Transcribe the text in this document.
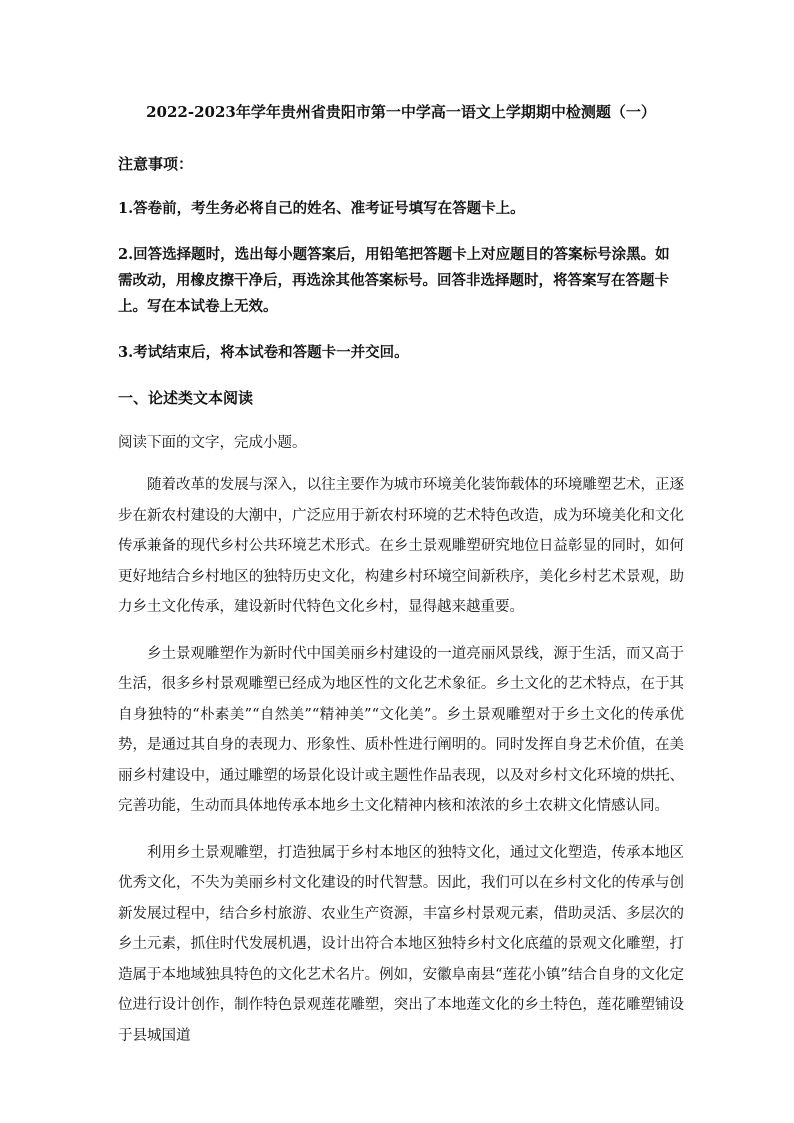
2022-2023年学年贵州省贵阳市第一中学高一语文上学期期中检测题（一）

注意事项：

1.答卷前，考生务必将自己的姓名、准考证号填写在答题卡上。

2.回答选择题时，选出每小题答案后，用铅笔把答题卡上对应题目的答案标号涂黑。如需改动，用橡皮擦干净后，再选涂其他答案标号。回答非选择题时，将答案写在答题卡上。写在本试卷上无效。

3.考试结束后，将本试卷和答题卡一并交回。

一、论述类文本阅读

阅读下面的文字，完成小题。

随着改革的发展与深入，以往主要作为城市环境美化装饰载体的环境雕塑艺术，正逐步在新农村建设的大潮中，广泛应用于新农村环境的艺术特色改造，成为环境美化和文化传承兼备的现代乡村公共环境艺术形式。在乡土景观雕塑研究地位日益彰显的同时，如何更好地结合乡村地区的独特历史文化，构建乡村环境空间新秩序，美化乡村艺术景观，助力乡土文化传承，建设新时代特色文化乡村，显得越来越重要。

乡土景观雕塑作为新时代中国美丽乡村建设的一道亮丽风景线，源于生活，而又高于生活，很多乡村景观雕塑已经成为地区性的文化艺术象征。乡土文化的艺术特点，在于其自身独特的“朴素美”“自然美”“精神美”“文化美”。乡土景观雕塑对于乡土文化的传承优势，是通过其自身的表现力、形象性、质朴性进行阐明的。同时发挥自身艺术价值，在美丽乡村建设中，通过雕塑的场景化设计或主题性作品表现，以及对乡村文化环境的烘托、完善功能，生动而具体地传承本地乡土文化精神内核和浓浓的乡土农耕文化情感认同。

利用乡土景观雕塑，打造独属于乡村本地区的独特文化，通过文化塑造，传承本地区优秀文化，不失为美丽乡村文化建设的时代智慧。因此，我们可以在乡村文化的传承与创新发展过程中，结合乡村旅游、农业生产资源，丰富乡村景观元素，借助灵活、多层次的乡土元素，抓住时代发展机遇，设计出符合本地区独特乡村文化底蕴的景观文化雕塑，打造属于本地域独具特色的文化艺术名片。例如，安徽阜南县“莲花小镇”结合自身的文化定位进行设计创作，制作特色景观莲花雕塑，突出了本地莲文化的乡土特色，莲花雕塑铺设于县城国道
